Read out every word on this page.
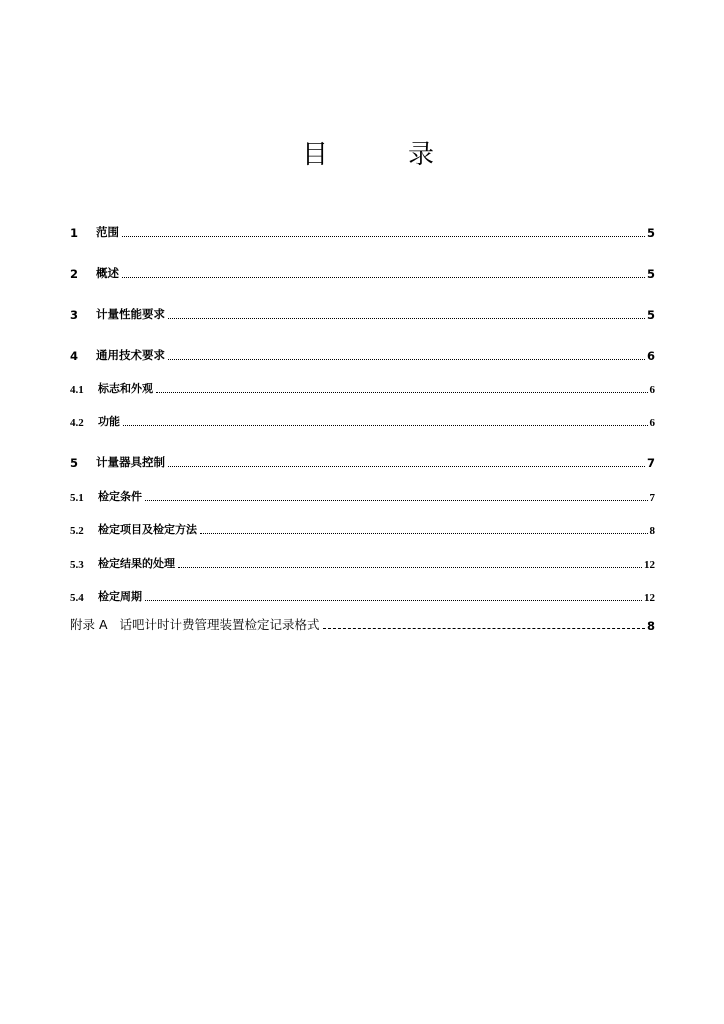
目	录
1	范围	5
2	概述	5
3	计量性能要求	5
4	通用技术要求	6
4.1	标志和外观	6
4.2	功能	6
5	计量器具控制	7
5.1	检定条件	7
5.2	检定项目及检定方法	8
5.3	检定结果的处理	12
5.4	检定周期	12
附录 A 话吧计时计费管理装置检定记录格式	8
